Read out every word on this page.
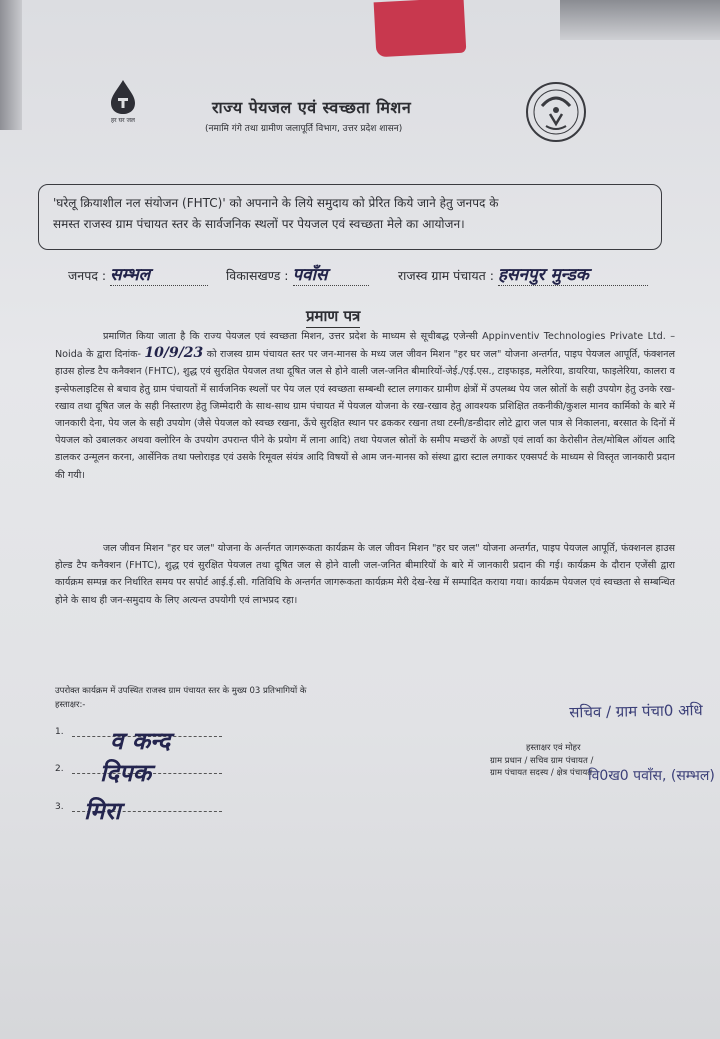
हर घर जल
राज्य पेयजल एवं स्वच्छता मिशन
(नमामि गंगे तथा ग्रामीण जलापूर्ति विभाग, उत्तर प्रदेश शासन)
'घरेलू क्रियाशील नल संयोजन (FHTC)' को अपनाने के लिये समुदाय को प्रेरित किये जाने हेतु जनपद के
समस्त राजस्व ग्राम पंचायत स्तर के सार्वजनिक स्थलों पर पेयजल एवं स्वच्छता मेले का आयोजन।
जनपद : सम्भल	विकासखण्ड : पवाँस	राजस्व ग्राम पंचायत : हसनपुर मुन्डक
प्रमाण पत्र
प्रमाणित किया जाता है कि राज्य पेयजल एवं स्वच्छता मिशन, उत्तर प्रदेश के माध्यम से सूचीबद्ध एजेन्सी Appinventiv Technologies Private Ltd. – Noida के द्वारा दिनांक- 10/9/23 को राजस्व ग्राम पंचायत स्तर पर जन-मानस के मध्य जल जीवन मिशन "हर घर जल" योजना अन्तर्गत, पाइप पेयजल आपूर्ति, फंक्शनल हाउस होल्ड टैप कनैक्शन (FHTC), शुद्ध एवं सुरक्षित पेयजल तथा दूषित जल से होने वाली जल-जनित बीमारियों-जेई./एई.एस., टाइफाइड, मलेरिया, डायरिया, फाइलेरिया, कालरा व इन्सेफलाइटिस से बचाव हेतु ग्राम पंचायतों में सार्वजनिक स्थलों पर पेय जल एवं स्वच्छता सम्बन्धी स्टाल लगाकर ग्रामीण क्षेत्रों में उपलब्ध पेय जल स्रोतों के सही उपयोग हेतु उनके रख-रखाव तथा दूषित जल के सही निस्तारण हेतु जिम्मेदारी के साथ-साथ ग्राम पंचायत में पेयजल योजना के रख-रखाव हेतु आवश्यक प्रशिक्षित तकनीकी/कुशल मानव कार्मिको के बारे में जानकारी देना, पेय जल के सही उपयोग (जैसे पेयजल को स्वच्छ रखना, ऊँचे सुरक्षित स्थान पर ढककर रखना तथा टस्नी/डन्डीदार लोटे द्वारा जल पात्र से निकालना, बरसात के दिनों में पेयजल को उबालकर अथवा क्लोरिन के उपयोग उपरान्त पीने के प्रयोग में लाना आदि) तथा पेयजल स्रोतों के समीप मच्छरों के अण्डों एवं लार्वा का केरोसीन तेल/मोबिल ऑयल आदि डालकर उन्मूलन करना, आर्सेनिक तथा फ्लोराइड एवं उसके रिमूवल संयंत्र आदि विषयों से आम जन-मानस को संस्था द्वारा स्टाल लगाकर एक्सपर्ट के माध्यम से विस्तृत जानकारी प्रदान की गयी।
जल जीवन मिशन "हर घर जल" योजना के अर्न्तगत जागरूकता कार्यक्रम के जल जीवन मिशन "हर घर जल" योजना अन्तर्गत, पाइप पेयजल आपूर्ति, फंक्शनल हाउस होल्ड टैप कनैक्शन (FHTC), शुद्ध एवं सुरक्षित पेयजल तथा दूषित जल से होने वाली जल-जनित बीमारियों के बारे में जानकारी प्रदान की गई। कार्यक्रम के दौरान एजेंसी द्वारा कार्यक्रम सम्पन्न कर निर्धारित समय पर सपोर्ट आई.ई.सी. गतिविधि के अन्तर्गत जागरूकता कार्यक्रम मेरी देख-रेख में सम्पादित कराया गया। कार्यक्रम पेयजल एवं स्वच्छता से सम्बन्धित होने के साथ ही जन-समुदाय के लिए अत्यन्त उपयोगी एवं लाभप्रद रहा।
उपरोक्त कार्यक्रम में उपस्थित राजस्व ग्राम पंचायत स्तर के मुख्य 03 प्रतिभागियों के
हस्ताक्षर:-
1. व कन्द
2. दिपक
3. मिरा
सचिव / ग्राम पंचा0 अधि
हस्ताक्षर एवं मोहर
ग्राम प्रधान / सचिव ग्राम पंचायत /
ग्राम पंचायत सदस्य / क्षेत्र पंचायत
वि0ख0 पवाँस, (सम्भल)
